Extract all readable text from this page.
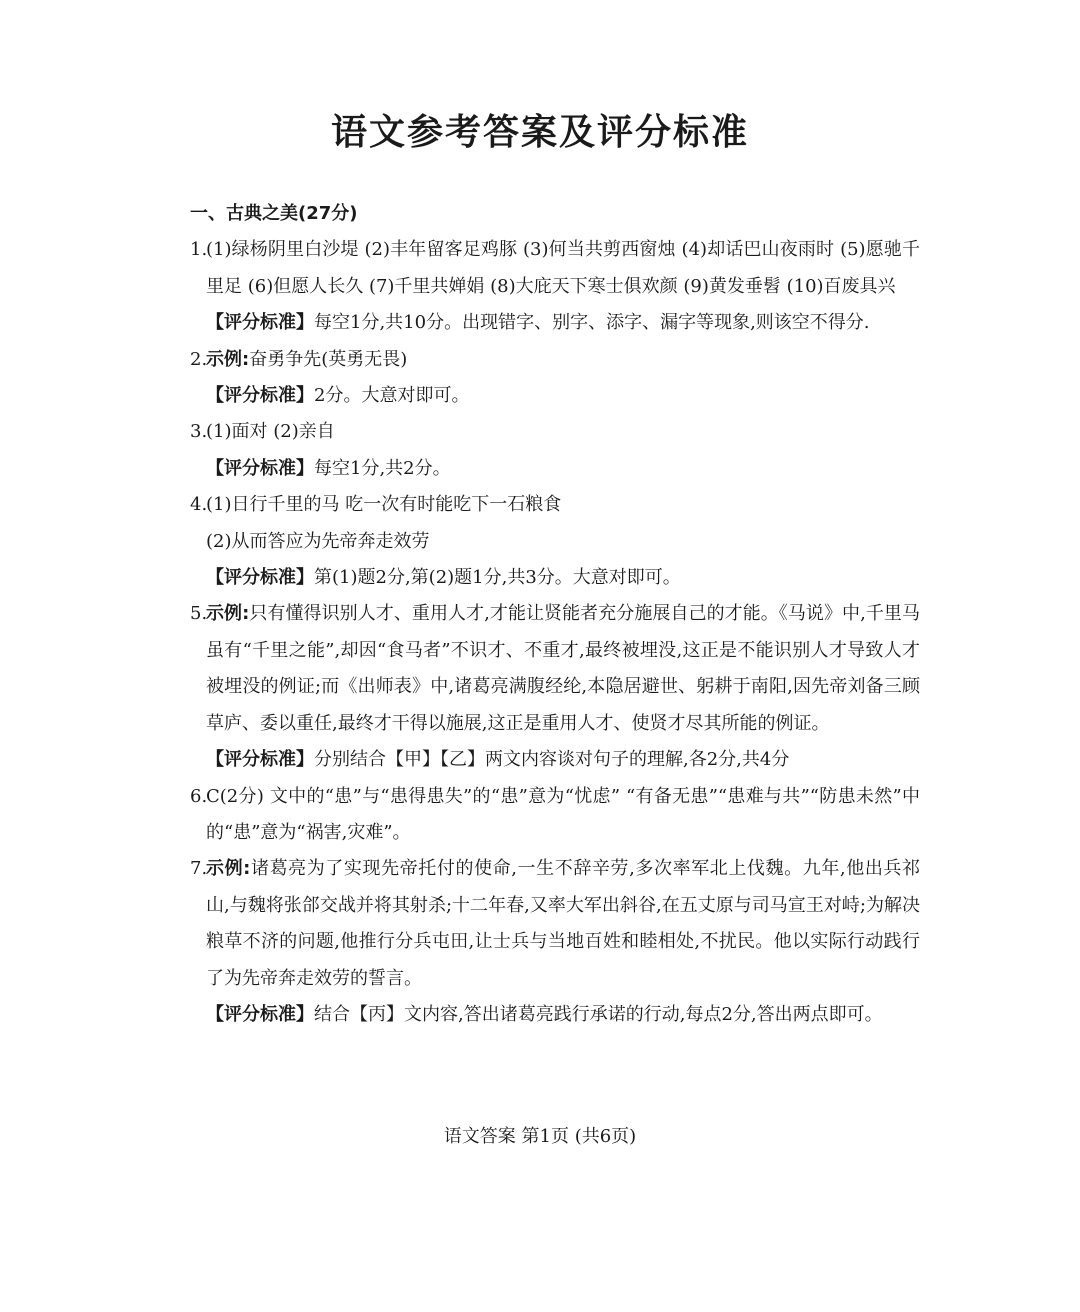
语文参考答案及评分标准
一、古典之美(27分)
1.
(1)绿杨阴里白沙堤 (2)丰年留客足鸡豚 (3)何当共剪西窗烛 (4)却话巴山夜雨时 (5)愿驰千里足 (6)但愿人长久 (7)千里共婵娟 (8)大庇天下寒士俱欢颜 (9)黄发垂髫 (10)百废具兴
【评分标准】每空1分,共10分。出现错字、别字、添字、漏字等现象,则该空不得分.
2.
示例:奋勇争先(英勇无畏)
【评分标准】2分。大意对即可。
3.
(1)面对 (2)亲自
【评分标准】每空1分,共2分。
4.
(1)日行千里的马 吃一次有时能吃下一石粮食
(2)从而答应为先帝奔走效劳
【评分标准】第(1)题2分,第(2)题1分,共3分。大意对即可。
5.
示例:只有懂得识别人才、重用人才,才能让贤能者充分施展自己的才能。《马说》中,千里马虽有“千里之能”,却因“食马者”不识才、不重才,最终被埋没,这正是不能识别人才导致人才被埋没的例证;而《出师表》中,诸葛亮满腹经纶,本隐居避世、躬耕于南阳,因先帝刘备三顾草庐、委以重任,最终才干得以施展,这正是重用人才、使贤才尽其所能的例证。
【评分标准】分别结合【甲】【乙】两文内容谈对句子的理解,各2分,共4分
6.
C(2分) 文中的“患”与“患得患失”的“患”意为“忧虑” “有备无患”“患难与共”“防患未然”中的“患”意为“祸害,灾难”。
7.
示例:诸葛亮为了实现先帝托付的使命,一生不辞辛劳,多次率军北上伐魏。九年,他出兵祁山,与魏将张郃交战并将其射杀;十二年春,又率大军出斜谷,在五丈原与司马宣王对峙;为解决粮草不济的问题,他推行分兵屯田,让士兵与当地百姓和睦相处,不扰民。他以实际行动践行了为先帝奔走效劳的誓言。
【评分标准】结合【丙】文内容,答出诸葛亮践行承诺的行动,每点2分,答出两点即可。
语文答案 第1页 (共6页)
